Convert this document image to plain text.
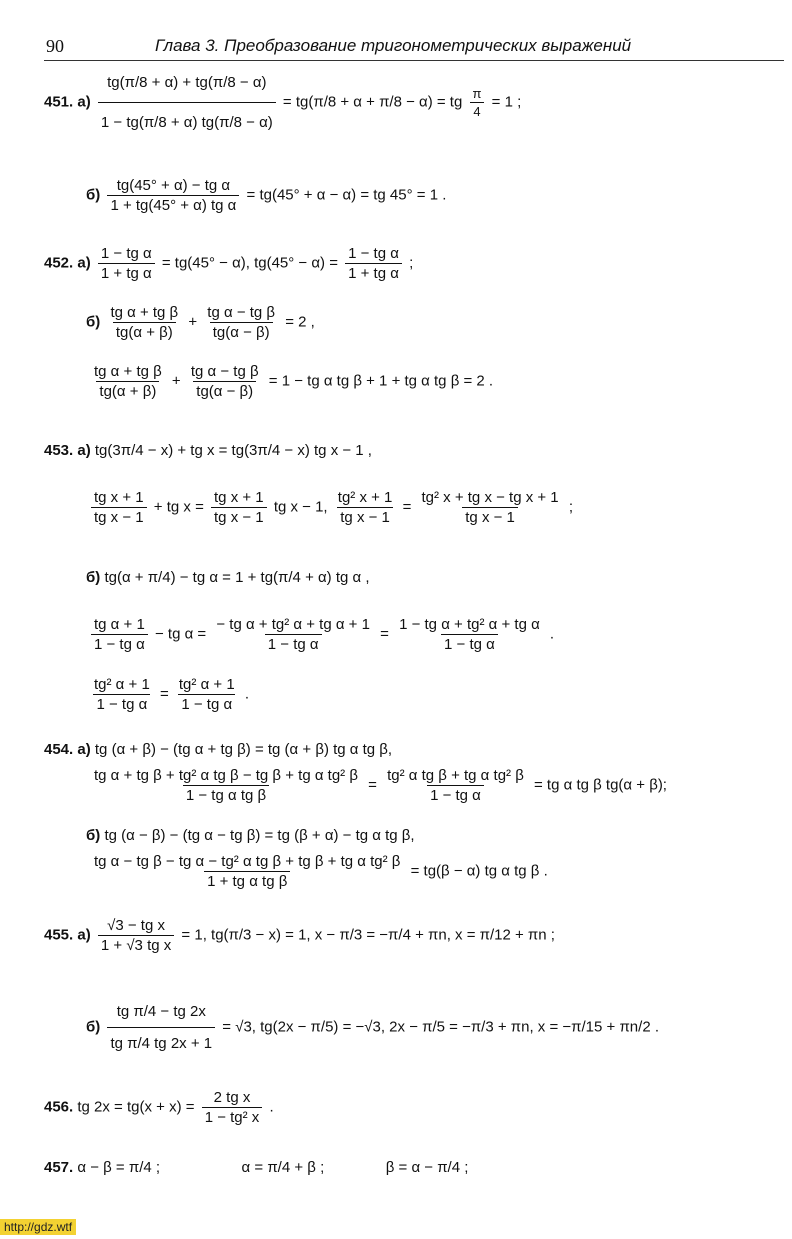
90	Глава 3. Преобразование тригонометрических выражений
451. $а) \frac{tg(\pi/8 + \alpha) + tg(\pi/8 - \alpha)}{1 - tg(\pi/8 + \alpha) tg(\pi/8 - \alpha)} = tg(\pi/8 + \alpha + \pi/8 - \alpha)$ = tg $\frac{\pi}{4} = 1$ ;
$б) \frac{\text{tg(45° + α) − tg α}}{\text{1 + tg(45° + α) tg α}} = tg(45^\circ + \alpha - \alpha)$ = tg 45° = 1 .
452. $а) \frac{\text{1 − tg α}}{\text{1 + tg α}} = tg(45^\circ - \alpha)$, $tg(45^\circ - \alpha) = \frac{\text{1 − tg α}}{\text{1 + tg α}}$ ;
$б) \frac{\text{tg α + tg β}}{tg(\alpha + \beta)} + \frac{\text{tg α − tg β}}{tg(\alpha - \beta)} = 2$ ,
$\frac{\text{tg α + tg β}}{tg(\alpha + \beta)} + \frac{\text{tg α − tg β}}{tg(\alpha - \beta)} = 1$ − tg α tg β + 1 + tg α tg β = 2 .
453. а) tg(3π/4 − x) + tg x = tg(3π/4 − x) tg x − 1 ,
$\frac{\text{tg x + 1}}{\text{tg x − 1}}$ + tg $x = \frac{\text{tg x + 1}}{\text{tg x − 1}}$ tg x − 1, $\frac{\text{tg² x + 1}}{\text{tg x − 1}} = \frac{\text{tg² x + tg x − tg x + 1}}{\text{tg x − 1}}$ ;
б) tg(α + π/4) − tg α = 1 + tg(π/4 + α) tg α ,
$\frac{\text{tg α + 1}}{\text{1 − tg α}}$ − tg $\alpha = \frac{\text{− tg α + tg² α + tg α + 1}}{\text{1 − tg α}} = \frac{\text{1 − tg α + tg² α + tg α}}{\text{1 − tg α}}$ .
$\frac{\text{tg² α + 1}}{\text{1 − tg α}} = \frac{\text{tg² α + 1}}{\text{1 − tg α}}$ .
454. а) tg (α + β) − (tg α + tg β) = tg (α + β) tg α tg β,
$\frac{\text{tg α + tg β + tg² α tg β − tg β + tg α tg² β}}{\text{1 − tg α tg β}} = \frac{\text{tg² α tg β + tg α tg² β}}{\text{1 − tg α}}$ = tg α tg β tg(α + β);
б) tg (α − β) − (tg α − tg β) = tg (β + α) − tg α tg β,
$\frac{\text{tg α − tg β − tg α − tg² α tg β + tg β + tg α tg² β}}{\text{1 + tg α tg β}} = tg(\beta - \alpha)$ tg α tg β .
455. $а) \frac{\text{√3 − tg x}}{\text{1 + √3 tg x}} = 1$, tg(π/3 − x) = 1, x − π/3 = −π/4 + πn, x = π/12 + πn ;
$б) \frac{\text{tg π/4 − tg 2x}}{\text{tg π/4 tg 2x + 1}} = √3$, tg(2x − π/5) = −√3, 2x − π/5 = −π/3 + πn, x = −π/15 + πn/2 .
456. tg $2x = tg(x + x) = \frac{\text{2 tg x}}{\text{1 − tg² x}}$ .
457. α − β = π/4 ;	α = π/4 + β ;	β = α − π/4 ;
http://gdz.wtf
